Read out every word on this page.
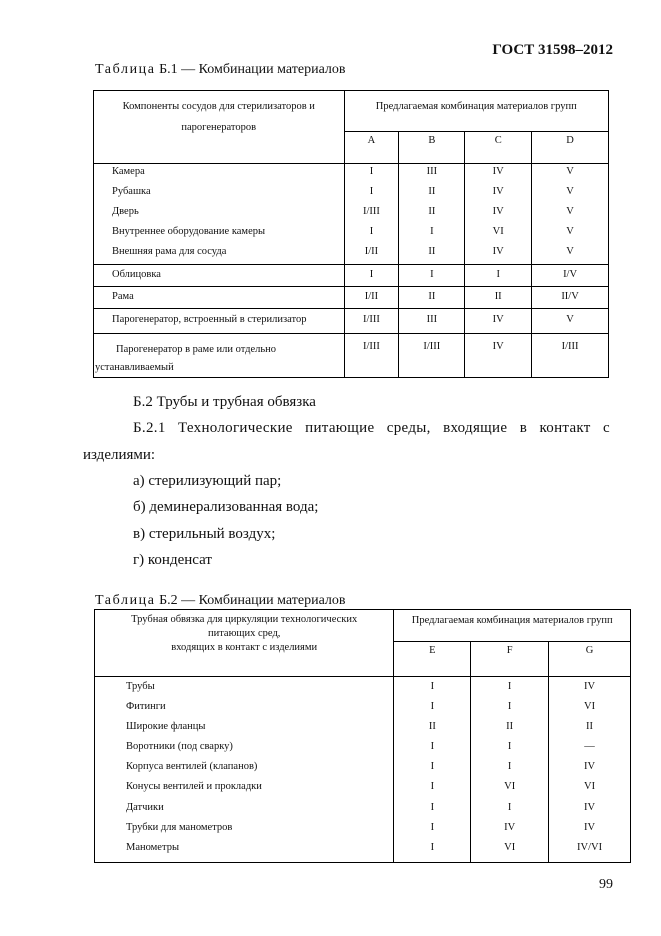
ГОСТ 31598–2012
Таблица Б.1 — Комбинации материалов
Компоненты сосудов для стерилизаторов и парогенераторов	Предлагаемая комбинация материалов групп			
	A	B	C	D
Камера	I	III	IV	V
Рубашка	I	II	IV	V
Дверь	I/III	II	IV	V
Внутреннее оборудование камеры	I	I	VI	V
Внешняя рама для сосуда	I/II	II	IV	V
Облицовка	I	I	I	I/V
Рама	I/II	II	II	II/V
Парогенератор, встроенный в стерилизатор	I/III	III	IV	V

Парогенератор в раме или отдельно
устанавливаемый	I/III	I/III	IV	I/III
Б.2 Трубы и трубная обвязка
Б.2.1 Технологические питающие среды, входящие в контакт с
изделиями:
а) стерилизующий пар;
б) деминерализованная вода;
в) стерильный воздух;
г) конденсат
Таблица Б.2 — Комбинации материалов
Трубная обвязка для циркуляции технологических
питающих сред,
входящих в контакт с изделиями	Предлагаемая комбинация материалов групп		
	E	F	G
Трубы	I	I	IV
Фитинги	I	I	VI
Широкие фланцы	II	II	II
Воротники (под сварку)	I	I	—
Корпуса вентилей (клапанов)	I	I	IV
Конусы вентилей и прокладки	I	VI	VI
Датчики	I	I	IV
Трубки для манометров	I	IV	IV
Манометры	I	VI	IV/VI
99
